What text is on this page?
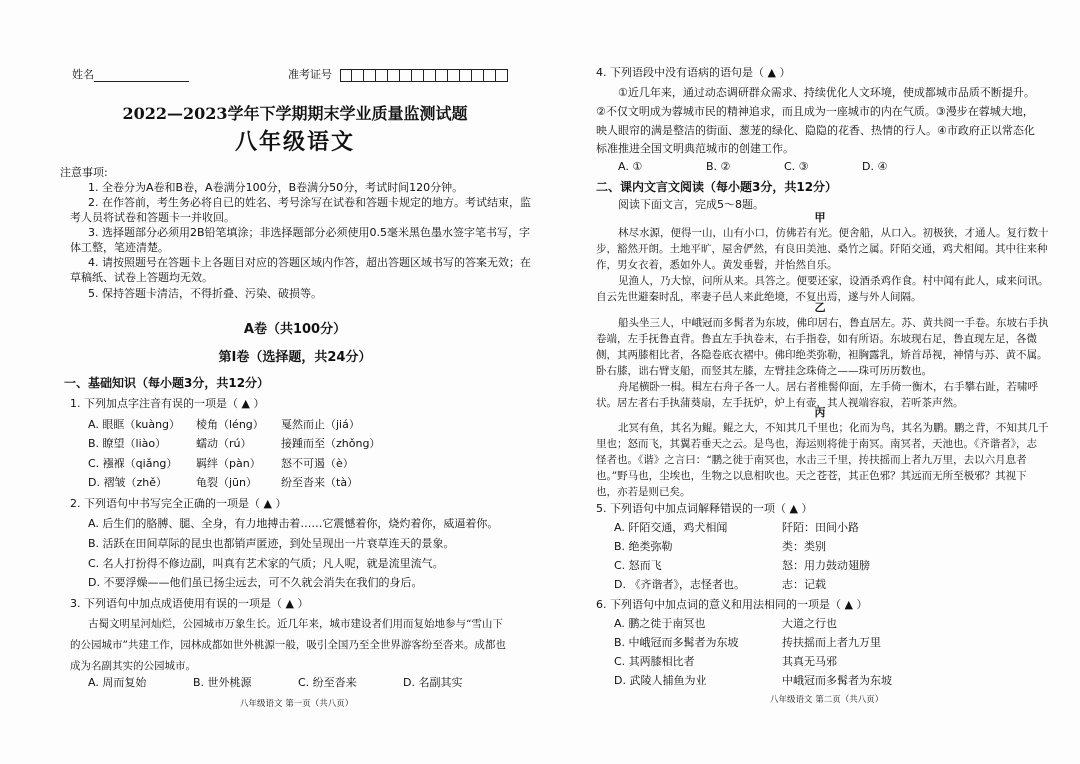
姓名	准考证号
2022—2023学年下学期期末学业质量监测试题
八年级语文
注意事项:
1. 全卷分为A卷和B卷，A卷满分100分，B卷满分50分，考试时间120分钟。
2. 在作答前，考生务必将自已的姓名、考号涂写在试卷和答题卡规定的地方。考试结束，监
考人员将试卷和答题卡一并收回。
3. 选择题部分必须用2B铅笔填涂；非选择题部分必须使用0.5毫米黑色墨水签字笔书写，字
体工整，笔迹清楚。
4. 请按照题号在答题卡上各题目对应的答题区域内作答，超出答题区域书写的答案无效；在
草稿纸、试卷上答题均无效。
5. 保持答题卡清洁，不得折叠、污染、破损等。
A卷（共100分）
第Ⅰ卷（选择题，共24分）
一、基础知识（每小题3分，共12分）
1. 下列加点字注音有误的一项是（ ▲ ）
A. 眼眶（kuàng） 棱角（léng） 戛然而止（jiá）
B. 瞭望（liào）	蠕动（rú）	接踵而至（zhǒng）
C. 襁褓（qiǎng） 羁绊（pàn） 怒不可遏（è）
D. 褶皱（zhě）	龟裂（jūn） 纷至沓来（tà）
2. 下列语句中书写完全正确的一项是（ ▲ ）
A. 后生们的胳膊、腿、全身，有力地搏击着……它震憾着你，烧灼着你，威逼着你。
B. 活跃在田间草际的昆虫也都销声匿迹，到处呈现出一片衰草连天的景象。
C. 名人打扮得不修边副，叫真有艺术家的气质；凡人呢，就是流里流气。
D. 不要浮燥——他们虽已扬尘远去，可不久就会消失在我们的身后。
3. 下列语句中加点成语使用有误的一项是（ ▲ ）
古蜀文明星河灿烂，公园城市万象生长。近几年来，城市建设者们用而复始地参与“雪山下
的公园城市”共建工作，园林成都如世外桃源一般，吸引全国乃至全世界游客纷至沓来。成都也
成为名副其实的公园城市。
A. 周而复始	B. 世外桃源	C. 纷至沓来	D. 名副其实
八年级语文 第一页（共八页）
4. 下列语段中没有语病的语句是（ ▲ ）
①近几年来，通过动态调研群众需求、持续优化人文环境，使成都城市品质不断提升。
②不仅文明成为蓉城市民的精神追求，而且成为一座城市的内在气质。③漫步在蓉城大地，
映人眼帘的满是整洁的街面、葱茏的绿化、隐隐的花香、热情的行人。④市政府正以常态化
标准推进全国文明典范城市的创建工作。
A. ①	B. ②	C. ③	D. ④
二、课内文言文阅读（每小题3分，共12分）
阅读下面文言，完成5～8题。
甲
林尽水源，便得一山，山有小口，仿佛若有光。便舍船，从口入。初极狭，才通人。复行数十
步，豁然开朗。土地平旷，屋舍俨然，有良田美池、桑竹之属。阡陌交通，鸡犬相闻。其中往来种
作，男女衣着，悉如外人。黄发垂髫，并怡然自乐。
见渔人，乃大惊，问所从来。具答之。便要还家，设酒杀鸡作食。村中闻有此人，咸来问讯。
自云先世避秦时乱，率妻子邑人来此绝境，不复出焉，遂与外人间隔。
乙
船头坐三人，中峨冠而多髯者为东坡，佛印居右，鲁直居左。苏、黄共阅一手卷。东坡右手执
卷端，左手抚鲁直背。鲁直左手执卷末，右手指卷，如有所语。东坡现右足，鲁直现左足，各微
侧，其两膝相比者，各隐卷底衣褶中。佛印绝类弥勒，袒胸露乳，矫首昂视，神情与苏、黄不属。
卧右膝，诎右臂支船，而竖其左膝，左臂挂念珠倚之——珠可历历数也。
舟尾横卧一楫。楫左右舟子各一人。居右者椎髻仰面，左手倚一衡木，右手攀右趾，若啸呼
状。居左者右手执蒲葵扇，左手抚炉，炉上有壶，其人视端容寂，若听茶声然。
丙
北冥有鱼，其名为鲲。鲲之大，不知其几千里也；化而为鸟，其名为鹏。鹏之背，不知其几千
里也；怒而飞，其翼若垂天之云。是鸟也，海运则将徙于南冥。南冥者，天池也。《齐谐者》，志
怪者也。《谐》之言曰：“鹏之徙于南冥也，水击三千里，抟扶摇而上者九万里，去以六月息者
也。”野马也，尘埃也，生物之以息相吹也。天之苍苍，其正色邪？其远而无所至极邪？其视下
也，亦若是则已矣。
5. 下列语句中加点词解释错误的一项（ ▲ ）
A. 阡陌交通，鸡犬相闻	阡陌：田间小路
B. 绝类弥勒	类：类别
C. 怒而飞	怒：用力鼓动翅膀
D. 《齐谐者》，志怪者也。	志：记载
6. 下列语句中加点词的意义和用法相同的一项是（ ▲ ）
A. 鹏之徙于南冥也	大道之行也
B. 中峨冠而多髯者为东坡	抟扶摇而上者九万里
C. 其两膝相比者	其真无马邪
D. 武陵人捕鱼为业	中峨冠而多髯者为东坡
八年级语文 第二页（共八页）
